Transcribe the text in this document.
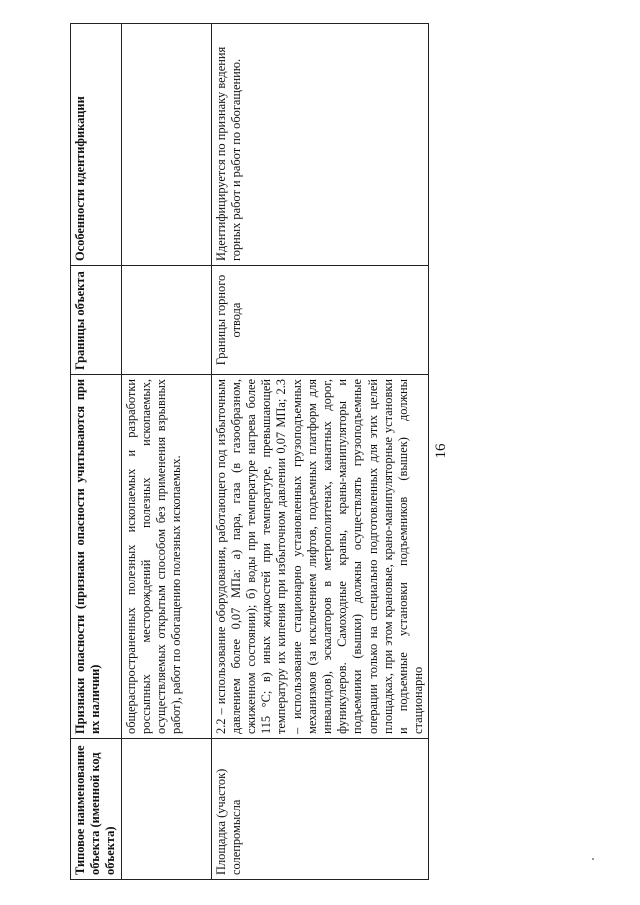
16
Типовое наименование объекта (именной код объекта)	Признаки опасности (признаки опасности учитываются при их наличии)	Границы объекта	Особенности идентификации
	общераспространенных полезных ископаемых и разработки россыпных месторождений полезных ископаемых, осуществляемых открытым способом без применения взрывных работ), работ по обогащению полезных ископаемых.		
Площадка (участок) солепромысла	2.2 – использование оборудования, работающего под избыточным давлением более 0,07 МПа: а) пара, газа (в газообразном, сжиженном состоянии); б) воды при температуре нагрева более 115 °С; в) иных жидкостей при температуре, превышающей температуру их кипения при избыточном давлении 0,07 МПа; 2.3 – использование стационарно установленных грузоподъемных механизмов (за исключением лифтов, подъемных платформ для инвалидов), эскалаторов в метрополитенах, канатных дорог, фуникулеров. Самоходные краны, краны-манипуляторы и подъемники (вышки) должны осуществлять грузоподъемные операции только на специально подготовленных для этих целей площадках, при этом крановые, крано-манипуляторные установки и подъемные установки подъемников (вышек) должны стационарно	Границы горного отвода	Идентифицируется по признаку ведения горных работ и работ по обогащению.
